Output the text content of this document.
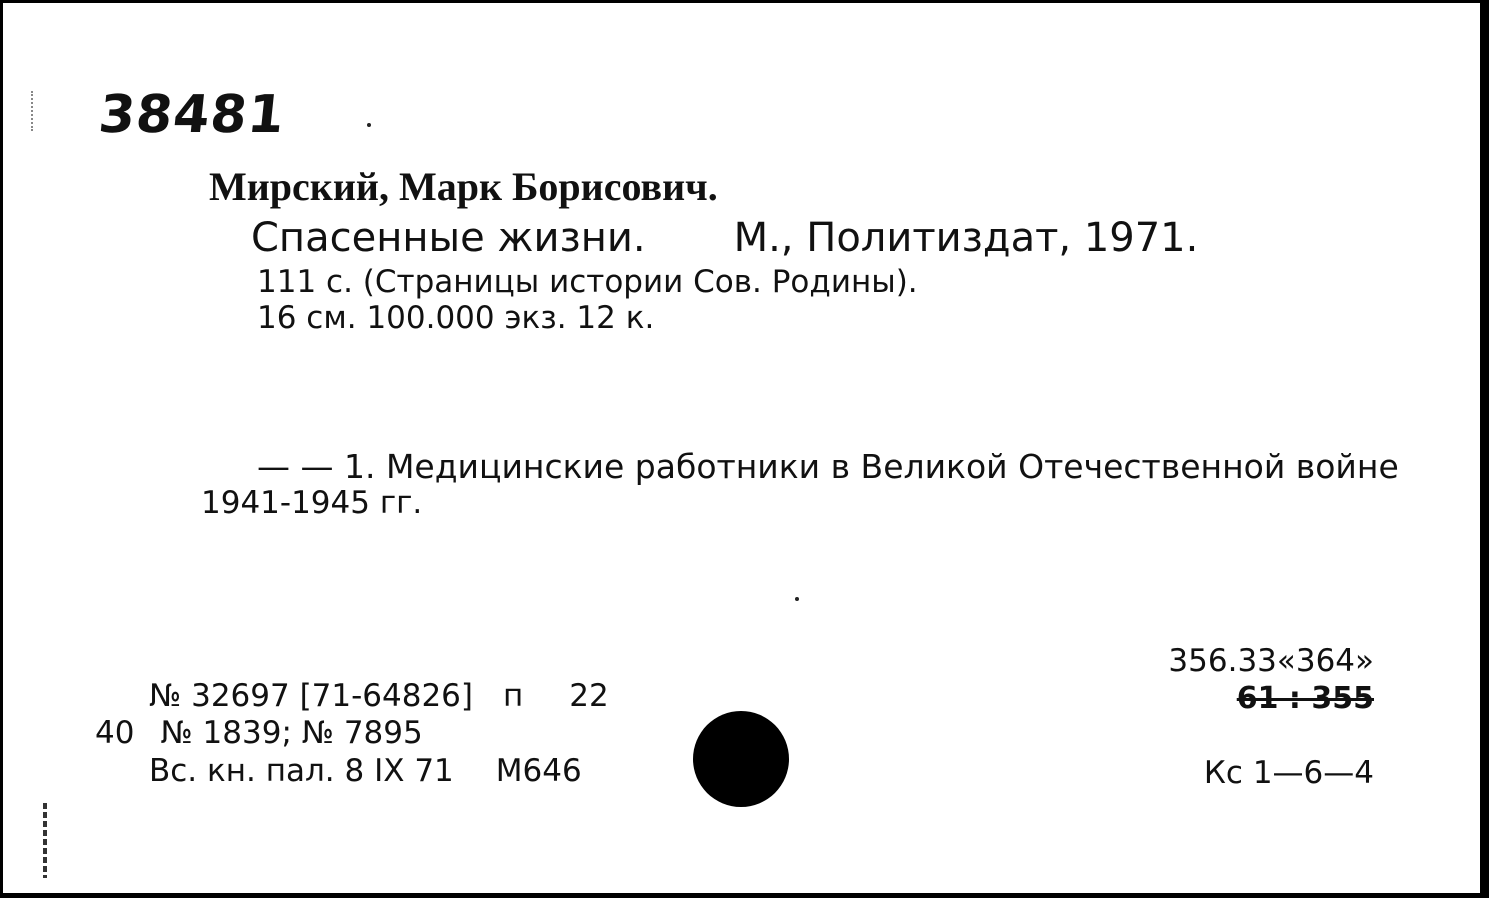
38481
Мирский, Марк Борисович.
Спасенные жизни. М., Политиздат, 1971.
111 с. (Страницы истории Сов. Родины).
16 см. 100.000 экз. 12 к.
— — 1. Медицинские работники в Великой Отечественной войне
1941-1945 гг.
№ 32697 [71-64826] п 22
40 № 1839; № 7895
Вс. кн. пал. 8 IX 71 М646
356.33«364»
61 : 355
Кс 1—6—4
